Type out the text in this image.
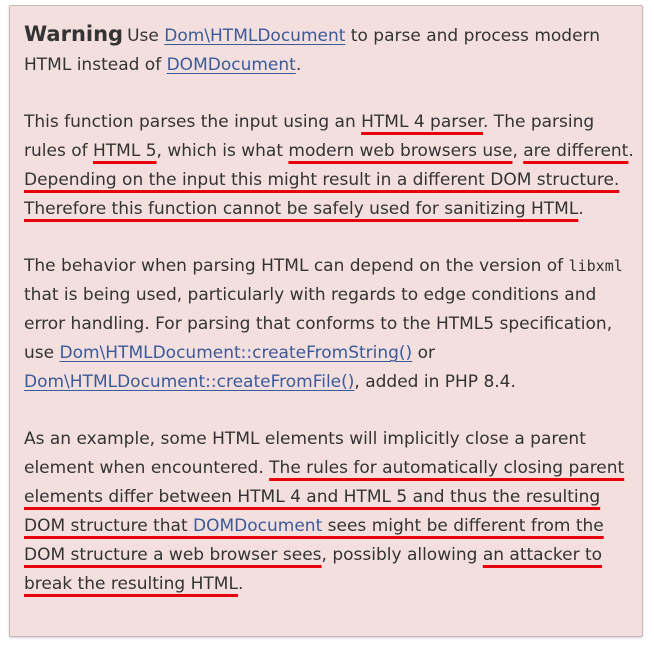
Warning Use Dom\HTMLDocument to parse and process modern HTML instead of DOMDocument.

This function parses the input using an HTML 4 parser. The parsing rules of HTML 5, which is what modern web browsers use, are different. Depending on the input this might result in a different DOM structure. Therefore this function cannot be safely used for sanitizing HTML.

The behavior when parsing HTML can depend on the version of libxml that is being used, particularly with regards to edge conditions and error handling. For parsing that conforms to the HTML5 specification, use Dom\HTMLDocument::createFromString() or Dom\HTMLDocument::createFromFile(), added in PHP 8.4.

As an example, some HTML elements will implicitly close a parent element when encountered. The rules for automatically closing parent elements differ between HTML 4 and HTML 5 and thus the resulting DOM structure that DOMDocument sees might be different from the DOM structure a web browser sees, possibly allowing an attacker to break the resulting HTML.
